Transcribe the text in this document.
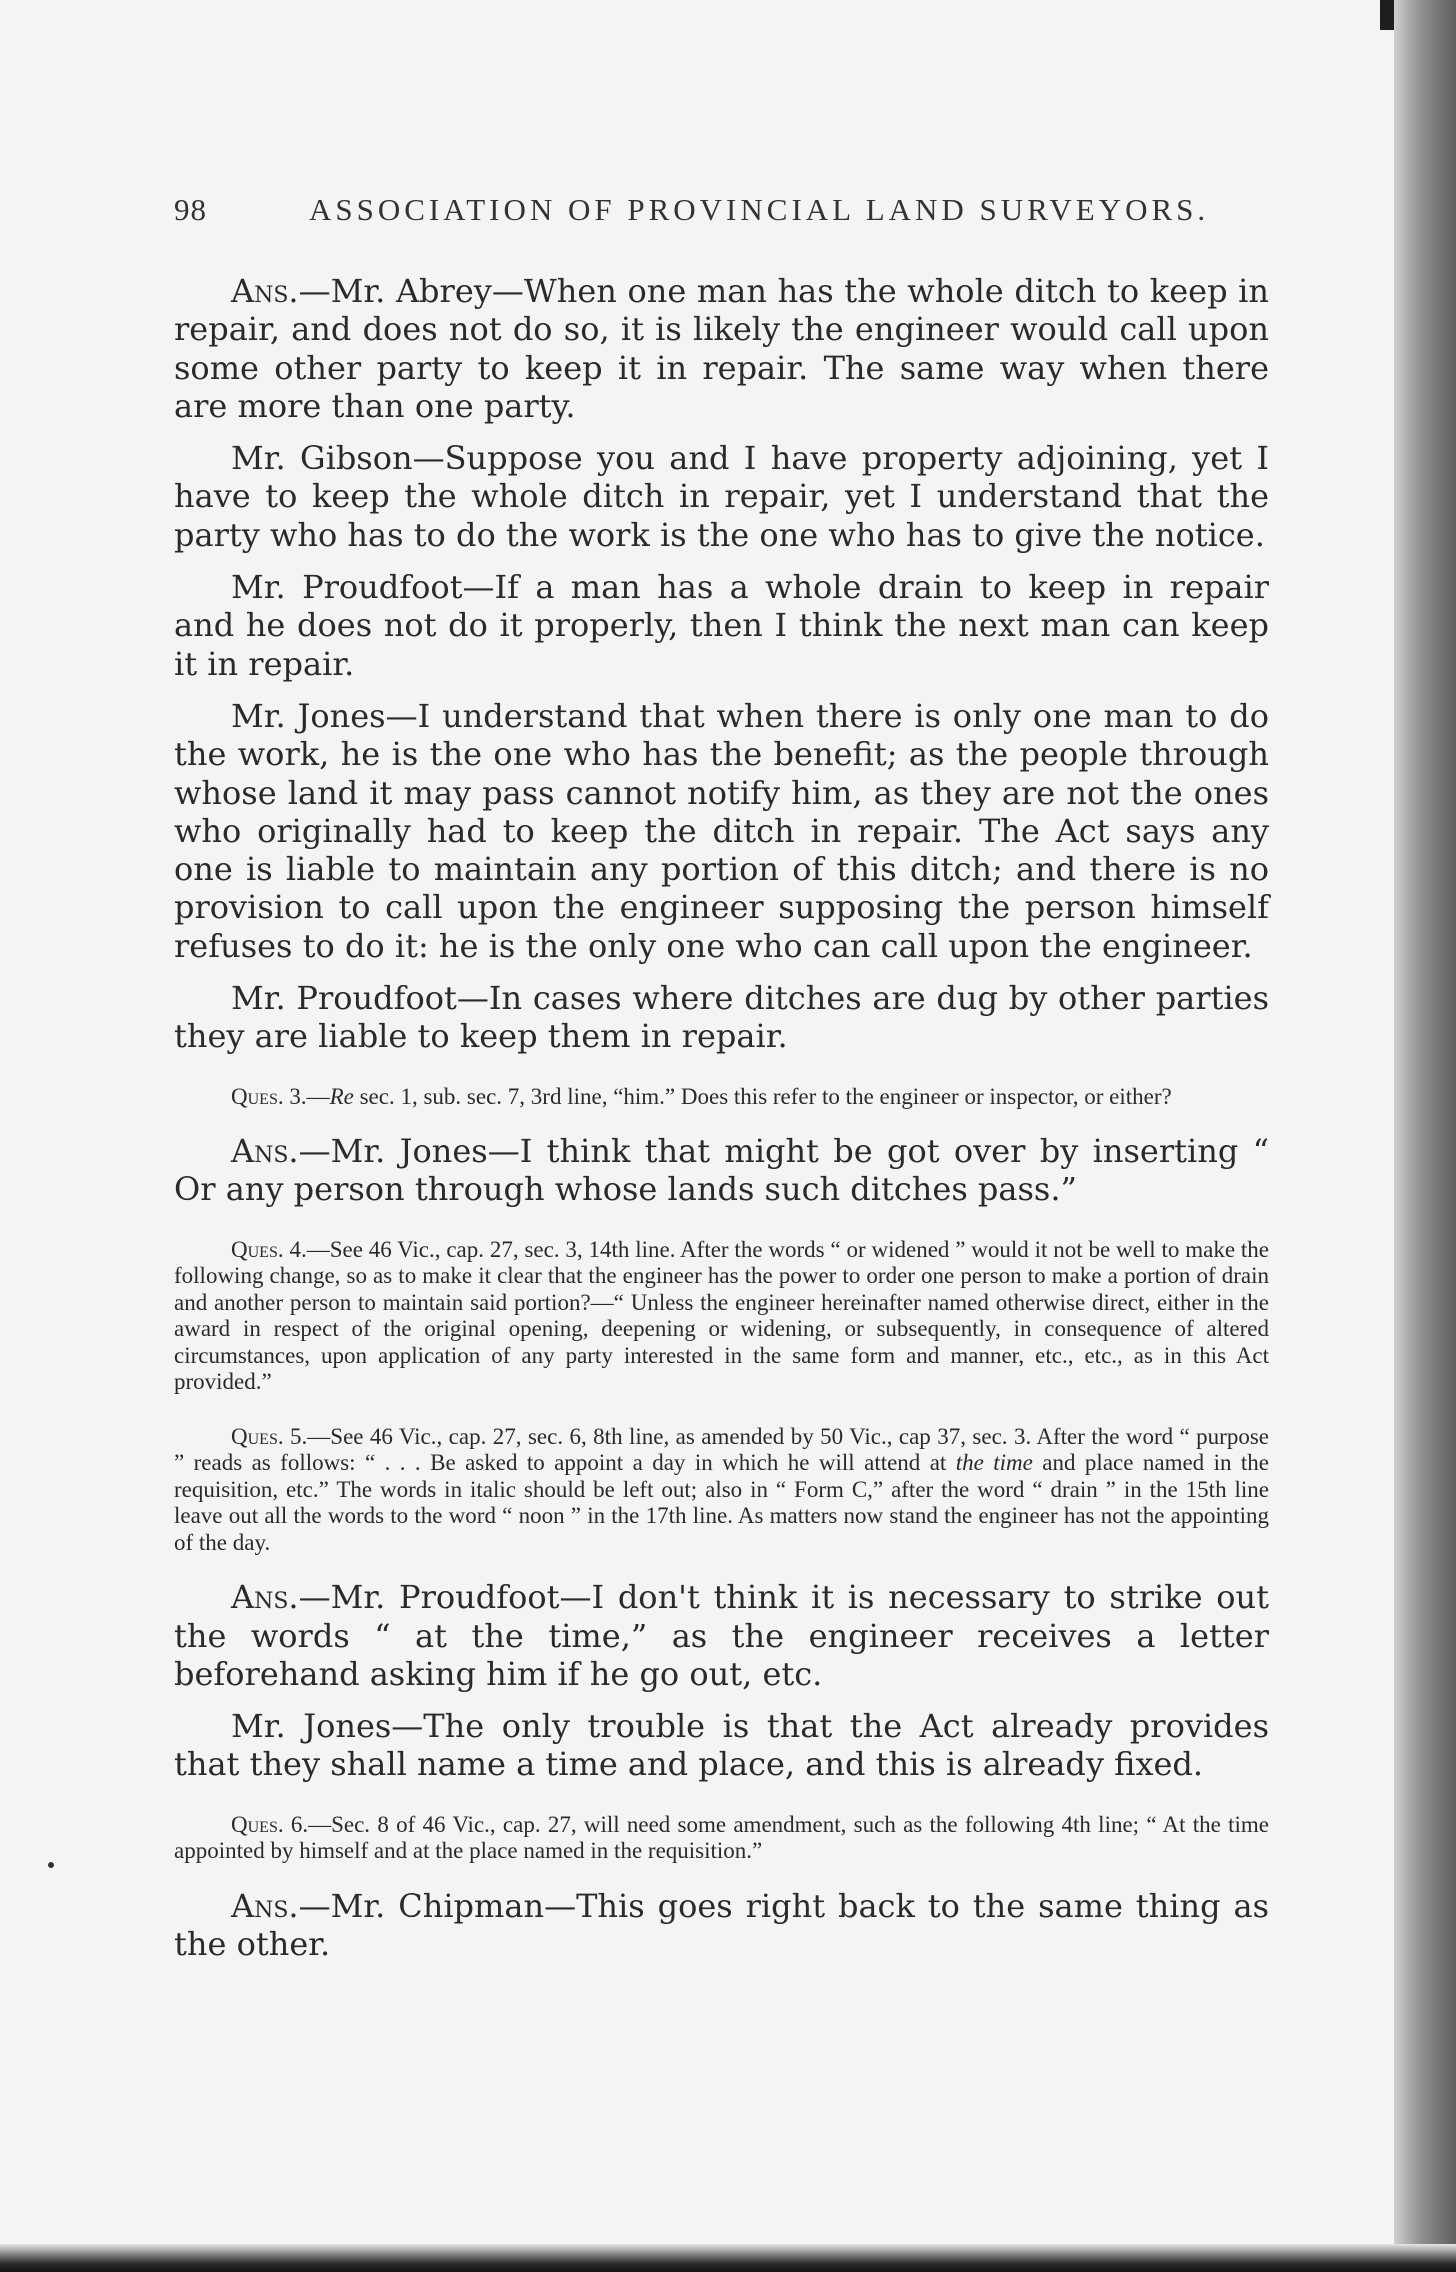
98	ASSOCIATION OF PROVINCIAL LAND SURVEYORS.

Ans.—Mr. Abrey—When one man has the whole ditch to keep in repair, and does not do so, it is likely the engineer would call upon some other party to keep it in repair. The same way when there are more than one party.

Mr. Gibson—Suppose you and I have property adjoining, yet I have to keep the whole ditch in repair, yet I understand that the party who has to do the work is the one who has to give the notice.

Mr. Proudfoot—If a man has a whole drain to keep in repair and he does not do it properly, then I think the next man can keep it in repair.

Mr. Jones—I understand that when there is only one man to do the work, he is the one who has the benefit; as the people through whose land it may pass cannot notify him, as they are not the ones who originally had to keep the ditch in repair. The Act says any one is liable to maintain any portion of this ditch; and there is no provision to call upon the engineer supposing the person himself refuses to do it: he is the only one who can call upon the engineer.

Mr. Proudfoot—In cases where ditches are dug by other parties they are liable to keep them in repair.

Ques. 3.—Re sec. 1, sub. sec. 7, 3rd line, “him.” Does this refer to the engineer or inspector, or either?

Ans.—Mr. Jones—I think that might be got over by inserting “ Or any person through whose lands such ditches pass.”

Ques. 4.—See 46 Vic., cap. 27, sec. 3, 14th line. After the words “ or widened ” would it not be well to make the following change, so as to make it clear that the engineer has the power to order one person to make a portion of drain and another person to maintain said portion?—“ Unless the engineer hereinafter named otherwise direct, either in the award in respect of the original opening, deepening or widening, or subsequently, in consequence of altered circumstances, upon application of any party interested in the same form and manner, etc., etc., as in this Act provided.”

Ques. 5.—See 46 Vic., cap. 27, sec. 6, 8th line, as amended by 50 Vic., cap 37, sec. 3. After the word “ purpose ” reads as follows: “ . . . Be asked to appoint a day in which he will attend at the time and place named in the requisition, etc.” The words in italic should be left out; also in “ Form C,” after the word “ drain ” in the 15th line leave out all the words to the word “ noon ” in the 17th line. As matters now stand the engineer has not the appointing of the day.

Ans.—Mr. Proudfoot—I don't think it is necessary to strike out the words “ at the time,” as the engineer receives a letter beforehand asking him if he go out, etc.

Mr. Jones—The only trouble is that the Act already provides that they shall name a time and place, and this is already fixed.

Ques. 6.—Sec. 8 of 46 Vic., cap. 27, will need some amendment, such as the following 4th line; “ At the time appointed by himself and at the place named in the requisition.”

Ans.—Mr. Chipman—This goes right back to the same thing as the other.
